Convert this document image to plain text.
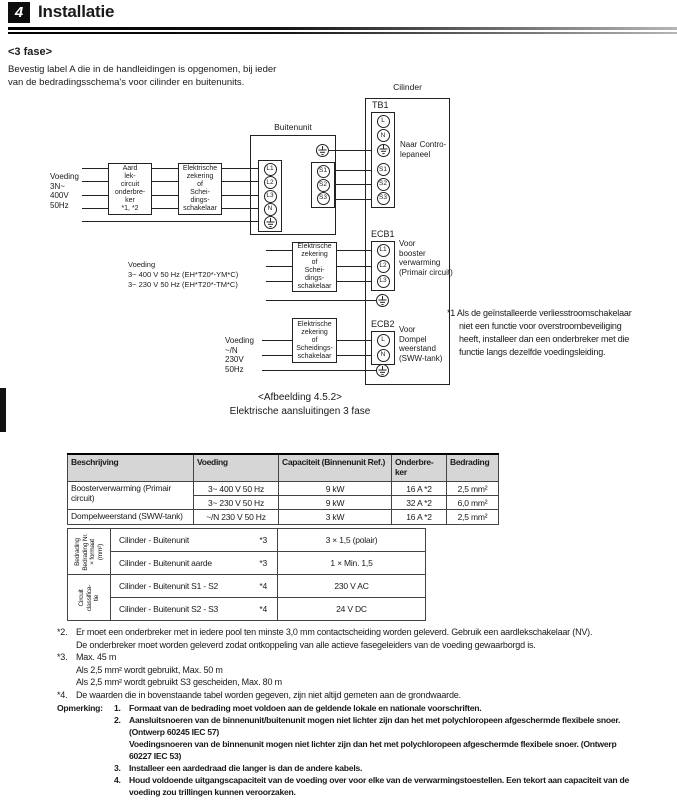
4 Installatie
<3 fase>
Bevestig label A die in de handleidingen is opgenomen, bij ieder
van de bedradingsschema's voor cilinder en buitenunits.	Cilinder
Buitenunit
Aard
lek-
circuit
onderbre-
ker
*1, *2
Elektrische
zekering
of
Schei-
dings-
schakelaar
Elektrische
zekering
of
Schei-
dings-
schakelaar
Elektrische
zekering
of
Scheidings-
schakelaar
TB1
L
N
S1
S2
S3
L1
L2
L3
N
S1
S2
S3
ECB1
L1
L2
L3
ECB2
L
N
Naar Contro-
lepaneel
Voeding
3N~
400V
50Hz
Voeding
3~ 400 V 50 Hz (EH*T20*-YM*C)
3~ 230 V 50 Hz (EH*T20*-TM*C)
Voeding
~/N
230V
50Hz
Voor
booster
verwarming
(Primair circuit)
Voor
Dompel
weerstand
(SWW-tank)
*1 Als de geïnstalleerde verliesstroomschakelaar
niet een functie voor overstroombeveiliging
heeft, installeer dan een onderbreker met die
functie langs dezelfde voedingsleiding.
<Afbeelding 4.5.2>
Elektrische aansluitingen 3 fase
Beschrijving	Voeding	Capaciteit (Binnenunit Ref.)	Onderbre- ker	Bedrading
Boosterverwarming (Primair circuit)	3~ 400 V 50 Hz	9 kW	16 A *2	2,5 mm²
	3~ 230 V 50 Hz	9 kW	32 A *2	6,0 mm²
Dompelweerstand (SWW-tank)	~/N 230 V 50 Hz	3 kW	16 A *2	2,5 mm²
Bedrading Bedrading Nr. × formaat (mm²)

Cilinder - Buitenunit	*3	3 × 1,5 (polair)

	Cilinder - Buitenunit aarde *3	1 × Min. 1,5

Circuit classifica- tie

Cilinder - Buitenunit S1 - S2	*4	230 V AC

	Cilinder - Buitenunit S2 - S3 *4	24 V DC
*2. Er moet een onderbreker met in iedere pool ten minste 3,0 mm contactscheiding worden geleverd. Gebruik een aardlekschakelaar (NV).
De onderbreker moet worden geleverd zodat ontkoppeling van alle actieve fasegeleiders van de voeding gewaarborgd is.
*3. Max. 45 m
Als 2,5 mm² wordt gebruikt, Max. 50 m
Als 2,5 mm² wordt gebruikt S3 gescheiden, Max. 80 m
*4. De waarden die in bovenstaande tabel worden gegeven, zijn niet altijd gemeten aan de grondwaarde.
Opmerking:	1. Formaat van de bedrading moet voldoen aan de geldende lokale en nationale voorschriften.
2. Aansluitsnoeren van de binnenunit/buitenunit mogen niet lichter zijn dan het met polychloropeen afgeschermde flexibele snoer.
(Ontwerp 60245 IEC 57)
Voedingsnoeren van de binnenunit mogen niet lichter zijn dan het met polychloropeen afgeschermde flexibele snoer. (Ontwerp
60227 IEC 53)
3. Installeer een aardedraad die langer is dan de andere kabels.
4. Houd voldoende uitgangscapaciteit van de voeding over voor elke van de verwarmingstoestellen. Een tekort aan capaciteit van de
voeding zou trillingen kunnen veroorzaken.
